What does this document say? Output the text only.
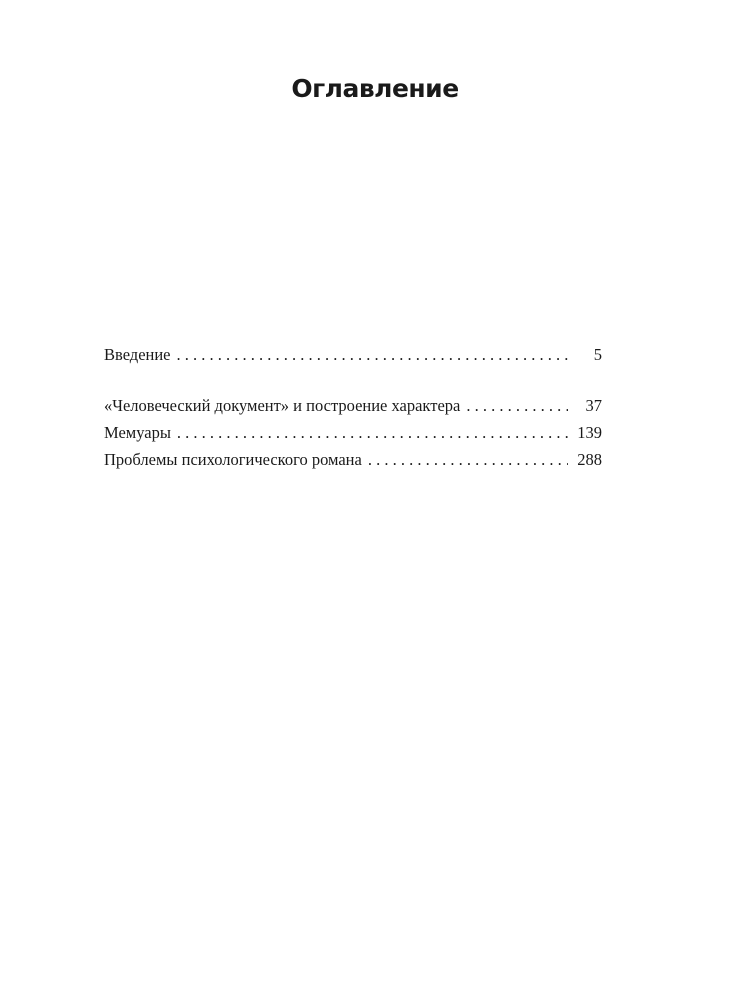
Оглавление
Введение . . .	5
«Человеческий документ» и построение характера . . .	37
Мемуары . . .	139
Проблемы психологического романа . . .	288
